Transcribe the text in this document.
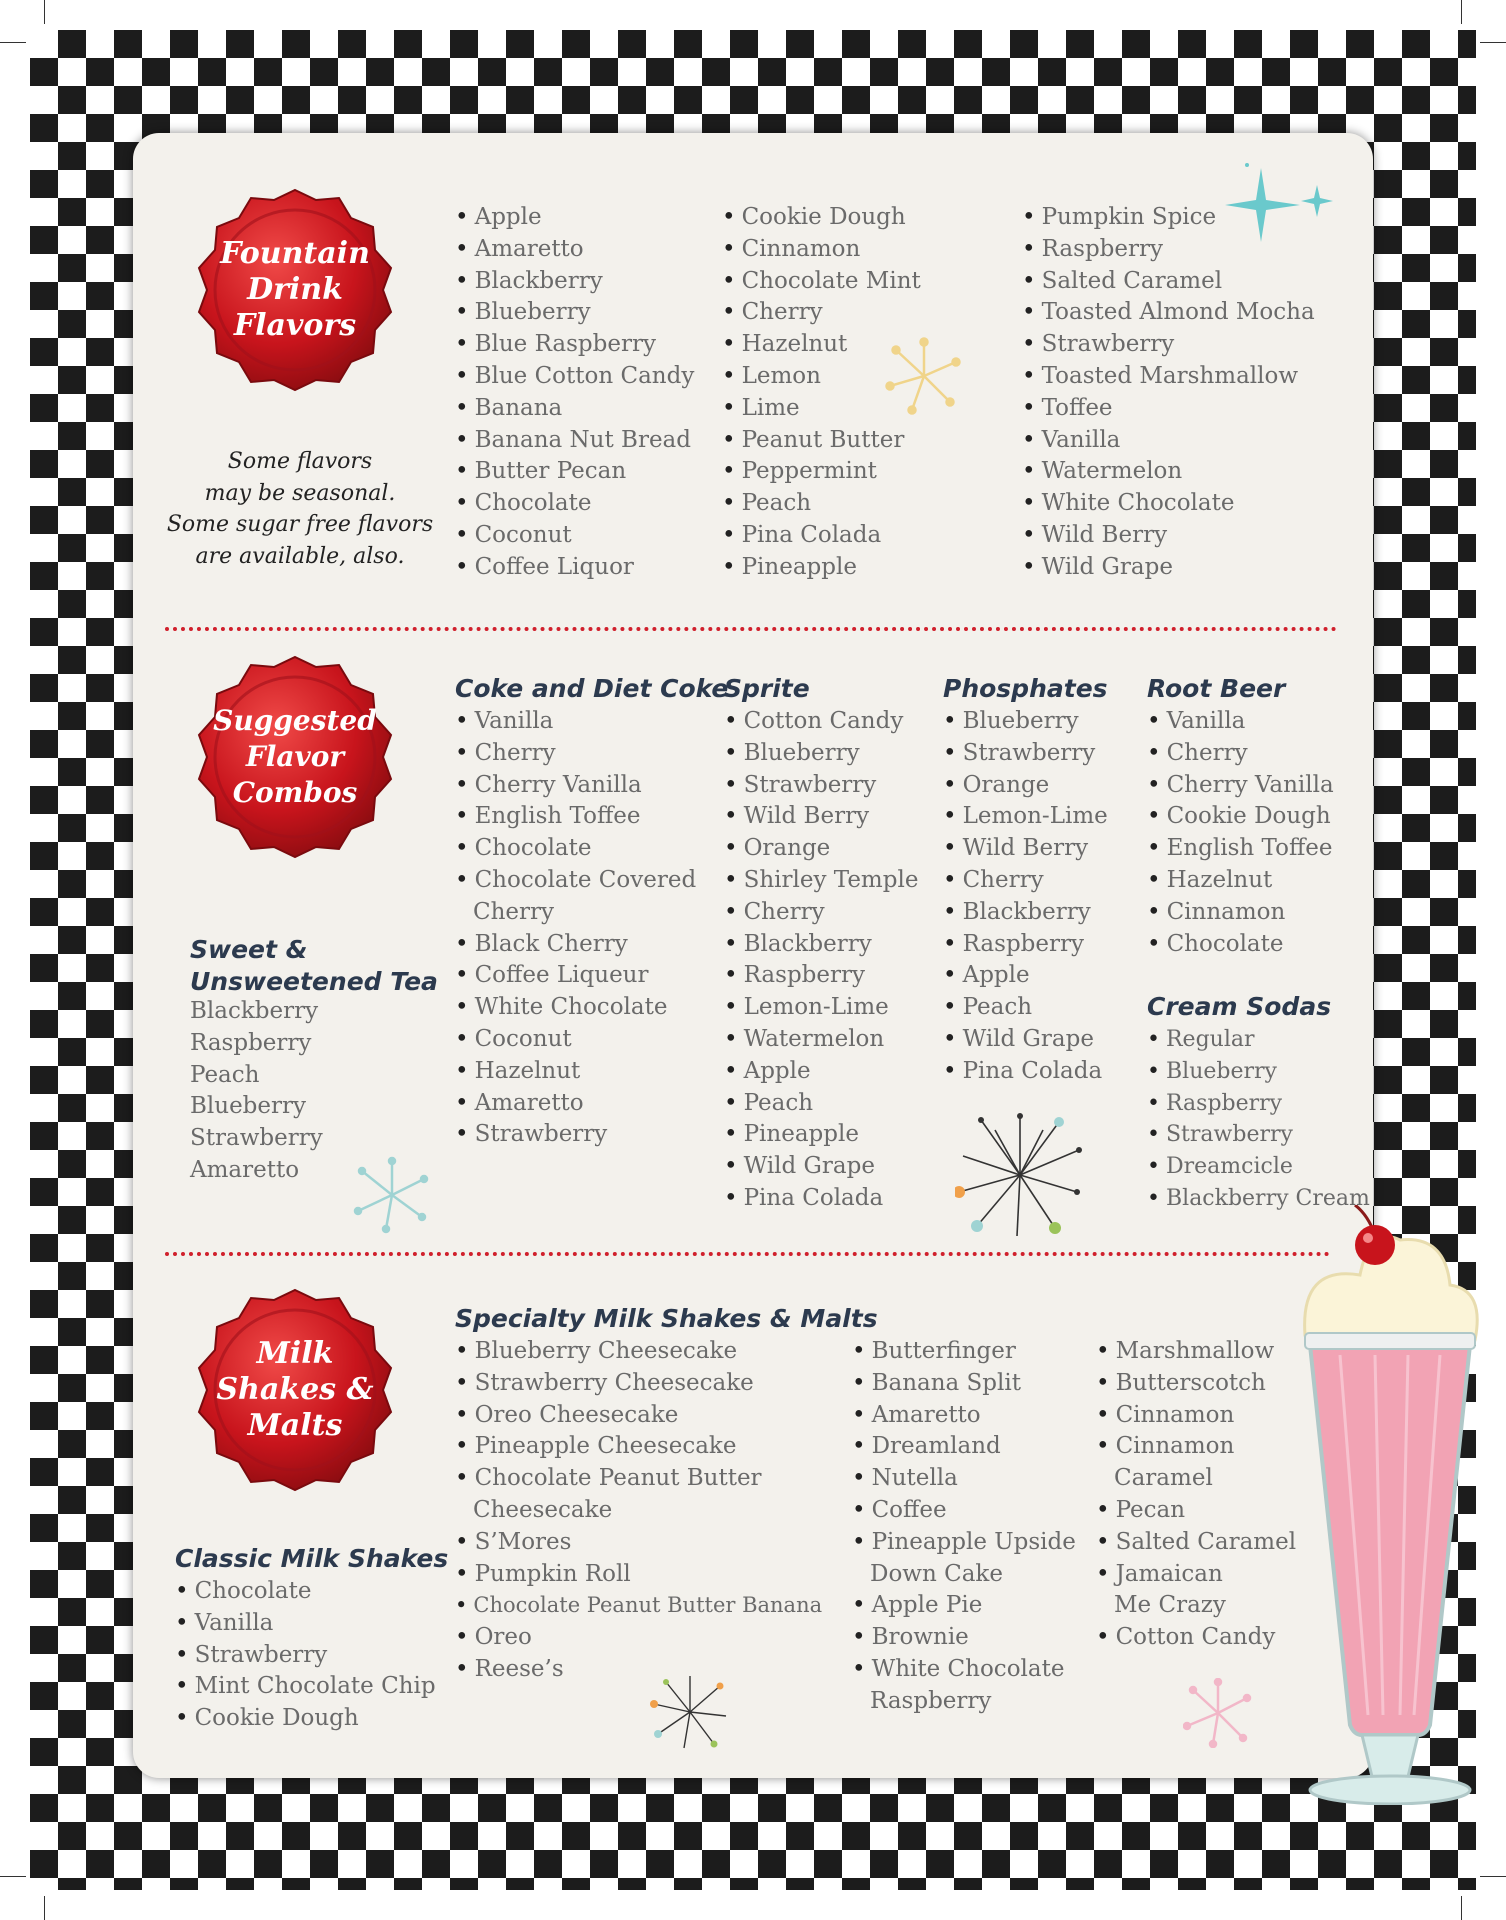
Fountain
Drink
Flavors
Some flavors
may be seasonal.
Some sugar free flavors
are available, also.
• Apple
• Amaretto
• Blackberry
• Blueberry
• Blue Raspberry
• Blue Cotton Candy
• Banana
• Banana Nut Bread
• Butter Pecan
• Chocolate
• Coconut
• Coffee Liquor
• Cookie Dough
• Cinnamon
• Chocolate Mint
• Cherry
• Hazelnut
• Lemon
• Lime
• Peanut Butter
• Peppermint
• Peach
• Pina Colada
• Pineapple
• Pumpkin Spice
• Raspberry
• Salted Caramel
• Toasted Almond Mocha
• Strawberry
• Toasted Marshmallow
• Toffee
• Vanilla
• Watermelon
• White Chocolate
• Wild Berry
• Wild Grape
Suggested
Flavor
Combos
Sweet &
Unsweetened Tea
Blackberry
Raspberry
Peach
Blueberry
Strawberry
Amaretto
Coke and Diet Coke
• Vanilla
• Cherry
• Cherry Vanilla
• English Toffee
• Chocolate
• Chocolate Covered
Cherry
• Black Cherry
• Coffee Liqueur
• White Chocolate
• Coconut
• Hazelnut
• Amaretto
• Strawberry
Sprite
• Cotton Candy
• Blueberry
• Strawberry
• Wild Berry
• Orange
• Shirley Temple
• Cherry
• Blackberry
• Raspberry
• Lemon-Lime
• Watermelon
• Apple
• Peach
• Pineapple
• Wild Grape
• Pina Colada
Phosphates
• Blueberry
• Strawberry
• Orange
• Lemon-Lime
• Wild Berry
• Cherry
• Blackberry
• Raspberry
• Apple
• Peach
• Wild Grape
• Pina Colada
Root Beer
• Vanilla
• Cherry
• Cherry Vanilla
• Cookie Dough
• English Toffee
• Hazelnut
• Cinnamon
• Chocolate
Cream Sodas
• Regular
• Blueberry
• Raspberry
• Strawberry
• Dreamcicle
• Blackberry Cream
Milk
Shakes &
Malts
Classic Milk Shakes
• Chocolate
• Vanilla
• Strawberry
• Mint Chocolate Chip
• Cookie Dough
Specialty Milk Shakes & Malts
• Blueberry Cheesecake
• Strawberry Cheesecake
• Oreo Cheesecake
• Pineapple Cheesecake
• Chocolate Peanut Butter
Cheesecake
• S’Mores
• Pumpkin Roll
• Chocolate Peanut Butter Banana
• Oreo
• Reese’s
• Butterfinger
• Banana Split
• Amaretto
• Dreamland
• Nutella
• Coffee
• Pineapple Upside
Down Cake
• Apple Pie
• Brownie
• White Chocolate
Raspberry
• Marshmallow
• Butterscotch
• Cinnamon
• Cinnamon
Caramel
• Pecan
• Salted Caramel
• Jamaican
Me Crazy
• Cotton Candy
